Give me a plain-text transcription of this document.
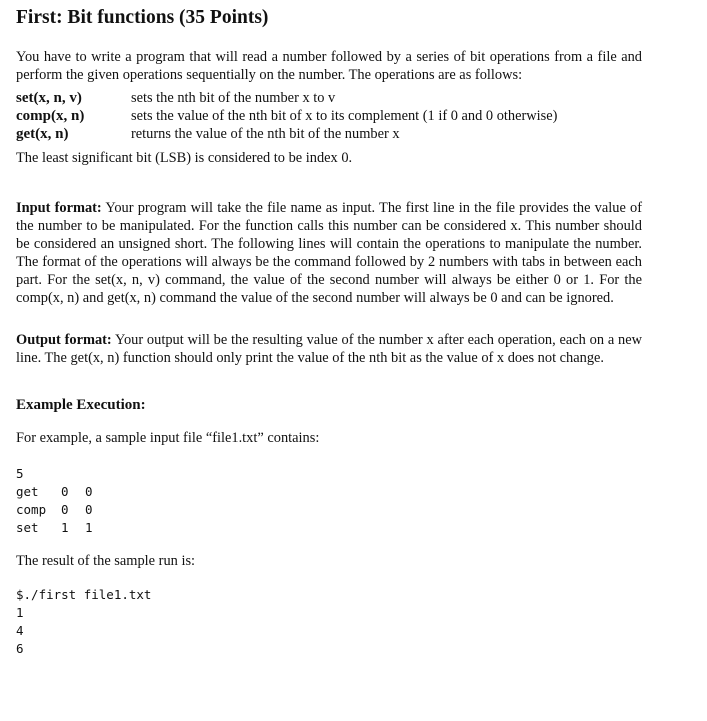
First: Bit functions (35 Points)

You have to write a program that will read a number followed by a series of bit operations from a file and perform the given operations sequentially on the number. The operations are as follows:

set(x, n, v)	sets the nth bit of the number x to v
comp(x, n)	sets the value of the nth bit of x to its complement (1 if 0 and 0 otherwise)
get(x, n)	returns the value of the nth bit of the number x

The least significant bit (LSB) is considered to be index 0.

Input format: Your program will take the file name as input. The first line in the file provides the value of the number to be manipulated. For the function calls this number can be considered x. This number should be considered an unsigned short. The following lines will contain the operations to manipulate the number. The format of the operations will always be the command followed by 2 numbers with tabs in between each part. For the set(x, n, v) command, the value of the second number will always be either 0 or 1. For the comp(x, n) and get(x, n) command the value of the second number will always be 0 and can be ignored.

Output format: Your output will be the resulting value of the number x after each operation, each on a new line. The get(x, n) function should only print the value of the nth bit as the value of x does not change.

Example Execution:

For example, a sample input file “file1.txt” contains:

5
get	0	0
comp	0	0
set	1	1

The result of the sample run is:

$./first file1.txt
1
4
6
